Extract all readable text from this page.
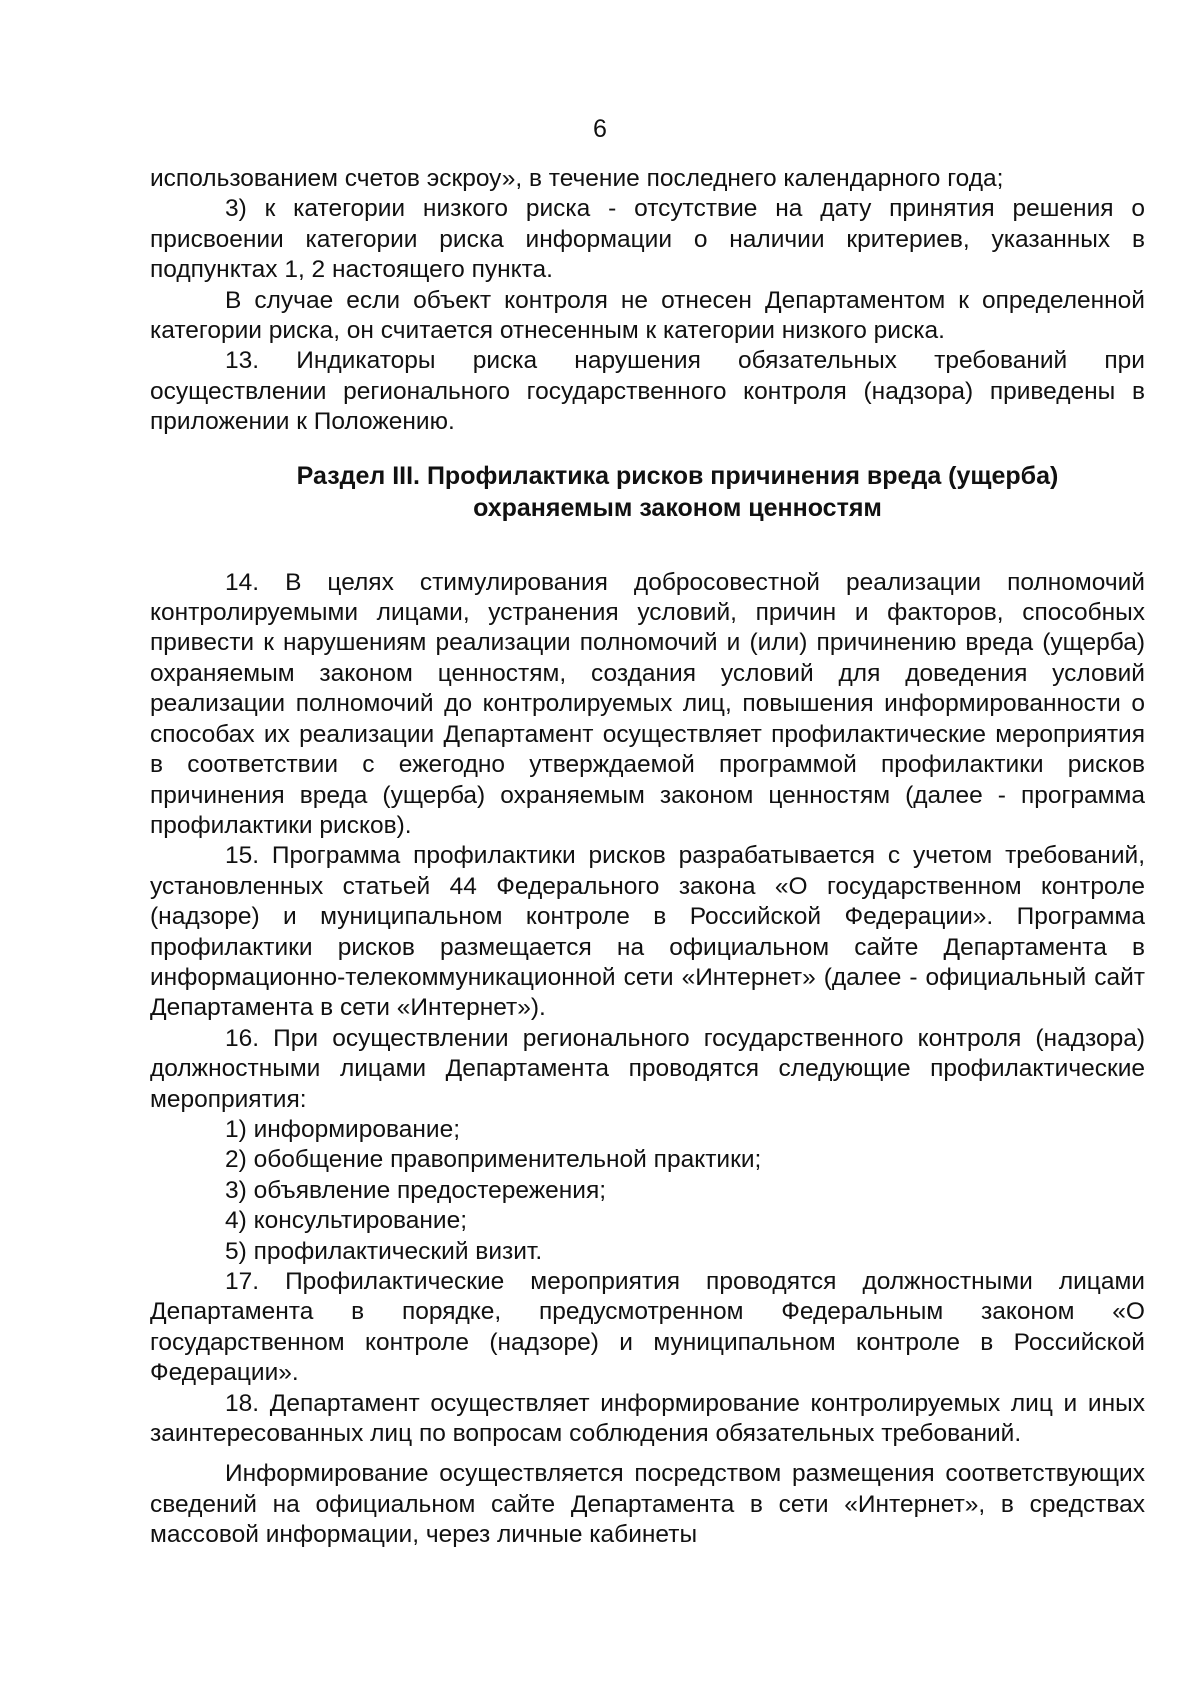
6

использованием счетов эскроу», в течение последнего календарного года;

3) к категории низкого риска - отсутствие на дату принятия решения о присвоении категории риска информации о наличии критериев, указанных в подпунктах 1, 2 настоящего пункта.

В случае если объект контроля не отнесен Департаментом к определенной категории риска, он считается отнесенным к категории низкого риска.

13. Индикаторы риска нарушения обязательных требований при осуществлении регионального государственного контроля (надзора) приведены в приложении к Положению.

Раздел III. Профилактика рисков причинения вреда (ущерба)
охраняемым законом ценностям

14. В целях стимулирования добросовестной реализации полномочий контролируемыми лицами, устранения условий, причин и факторов, способных привести к нарушениям реализации полномочий и (или) причинению вреда (ущерба) охраняемым законом ценностям, создания условий для доведения условий реализации полномочий до контролируемых лиц, повышения информированности о способах их реализации Департамент осуществляет профилактические мероприятия в соответствии с ежегодно утверждаемой программой профилактики рисков причинения вреда (ущерба) охраняемым законом ценностям (далее - программа профилактики рисков).

15. Программа профилактики рисков разрабатывается с учетом требований, установленных статьей 44 Федерального закона «О государственном контроле (надзоре) и муниципальном контроле в Российской Федерации». Программа профилактики рисков размещается на официальном сайте Департамента в информационно-телекоммуникационной сети «Интернет» (далее - официальный сайт Департамента в сети «Интернет»).

16. При осуществлении регионального государственного контроля (надзора) должностными лицами Департамента проводятся следующие профилактические мероприятия:

1) информирование;

2) обобщение правоприменительной практики;

3) объявление предостережения;

4) консультирование;

5) профилактический визит.

17. Профилактические мероприятия проводятся должностными лицами Департамента в порядке, предусмотренном Федеральным законом «О государственном контроле (надзоре) и муниципальном контроле в Российской Федерации».

18. Департамент осуществляет информирование контролируемых лиц и иных заинтересованных лиц по вопросам соблюдения обязательных требований.

Информирование осуществляется посредством размещения соответствующих сведений на официальном сайте Департамента в сети «Интернет», в средствах массовой информации, через личные кабинеты
